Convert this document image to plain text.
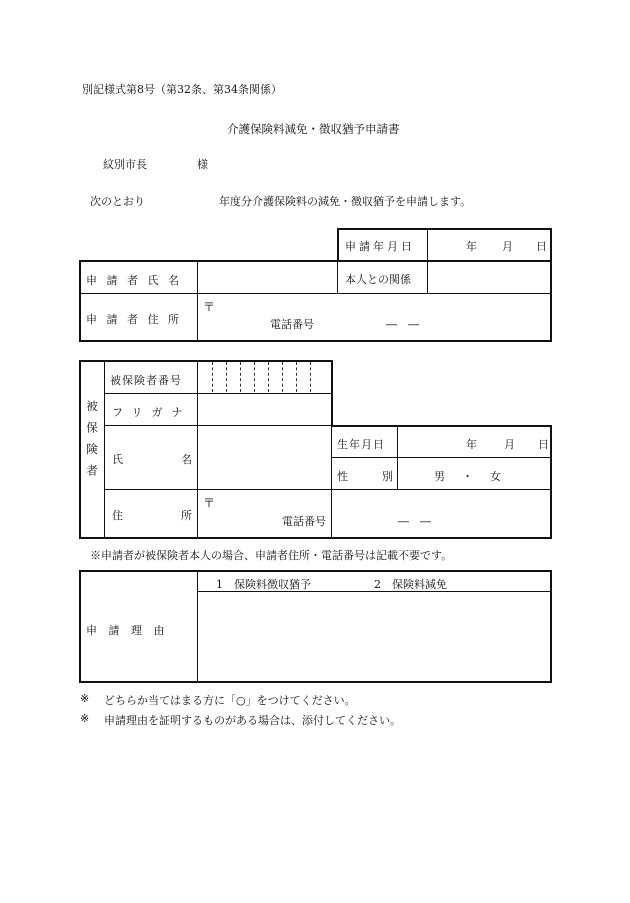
別記様式第8号（第32条、第34条関係）
介護保険料減免・徴収猶予申請書
紋別市長	様
次のとおり	年度分介護保険料の減免・徴収猶予を申請します。
申請年月日	年 月 日
申 請 者 氏 名	本人との関係
申 請 者 住 所
〒
電話番号	―　―
被保険者
被保険者番号
フリガナ
氏　　名
生年月日	年 月 日
性　　別	男　・　女
住　　所
〒
電話番号	―　―
※申請者が被保険者本人の場合、申請者住所・電話番号は記載不要です。
申 請 理 由
1　保険料徴収猶予	2　保険料減免
※ どちらか当てはまる方に「○」をつけてください。
※ 申請理由を証明するものがある場合は、添付してください。
